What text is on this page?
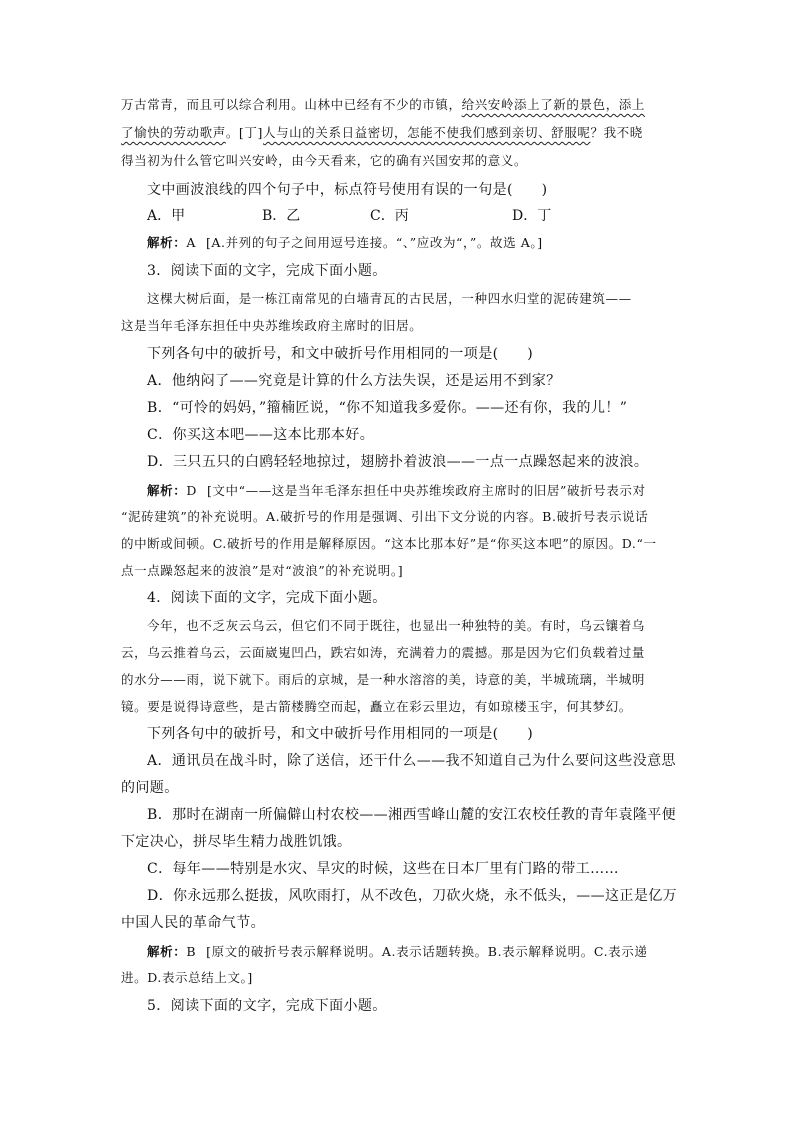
万古常青，而且可以综合利用。山林中已经有不少的市镇，给兴安岭添上了新的景色，添上
了愉快的劳动歌声。[丁]人与山的关系日益密切，怎能不使我们感到亲切、舒服呢？我不晓
得当初为什么管它叫兴安岭，由今天看来，它的确有兴国安邦的意义。
文中画波浪线的四个句子中，标点符号使用有误的一句是(　　)
A．甲	B．乙	C．丙	D．丁
解析：A [A.并列的句子之间用逗号连接。“、”应改为“，”。故选 A。]
3．阅读下面的文字，完成下面小题。
这棵大树后面，是一栋江南常见的白墙青瓦的古民居，一种四水归堂的泥砖建筑——
这是当年毛泽东担任中央苏维埃政府主席时的旧居。
下列各句中的破折号，和文中破折号作用相同的一项是(　　)
A．他纳闷了——究竟是计算的什么方法失误，还是运用不到家？
B．“可怜的妈妈，”籀楠匠说，“你不知道我多爱你。——还有你，我的儿！”
C．你买这本吧——这本比那本好。
D．三只五只的白鸥轻轻地掠过，翅膀扑着波浪——一点一点躁怒起来的波浪。
解析：D [文中“——这是当年毛泽东担任中央苏维埃政府主席时的旧居”破折号表示对
“泥砖建筑”的补充说明。A.破折号的作用是强调、引出下文分说的内容。B.破折号表示说话
的中断或间顿。C.破折号的作用是解释原因。“这本比那本好”是“你买这本吧”的原因。D.“一
点一点躁怒起来的波浪”是对“波浪”的补充说明。]
4．阅读下面的文字，完成下面小题。
今年，也不乏灰云乌云，但它们不同于既往，也显出一种独特的美。有时，乌云镶着乌
云，乌云推着乌云，云面崴嵬凹凸，跌宕如涛，充满着力的震撼。那是因为它们负载着过量
的水分——雨，说下就下。雨后的京城，是一种水溶溶的美，诗意的美，半城琉璃，半城明
镜。要是说得诗意些，是古箭楼腾空而起，矗立在彩云里边，有如琼楼玉宇，何其梦幻。
下列各句中的破折号，和文中破折号作用相同的一项是(　　)
A．通讯员在战斗时，除了送信，还干什么——我不知道自己为什么要问这些没意思
的问题。
B．那时在湖南一所偏僻山村农校——湘西雪峰山麓的安江农校任教的青年袁隆平便
下定决心，拼尽毕生精力战胜饥饿。
C．每年——特别是水灾、旱灾的时候，这些在日本厂里有门路的带工……
D．你永远那么挺拔，风吹雨打，从不改色，刀砍火烧，永不低头，——这正是亿万
中国人民的革命气节。
解析：B [原文的破折号表示解释说明。A.表示话题转换。B.表示解释说明。C.表示递
进。D.表示总结上文。]
5．阅读下面的文字，完成下面小题。
